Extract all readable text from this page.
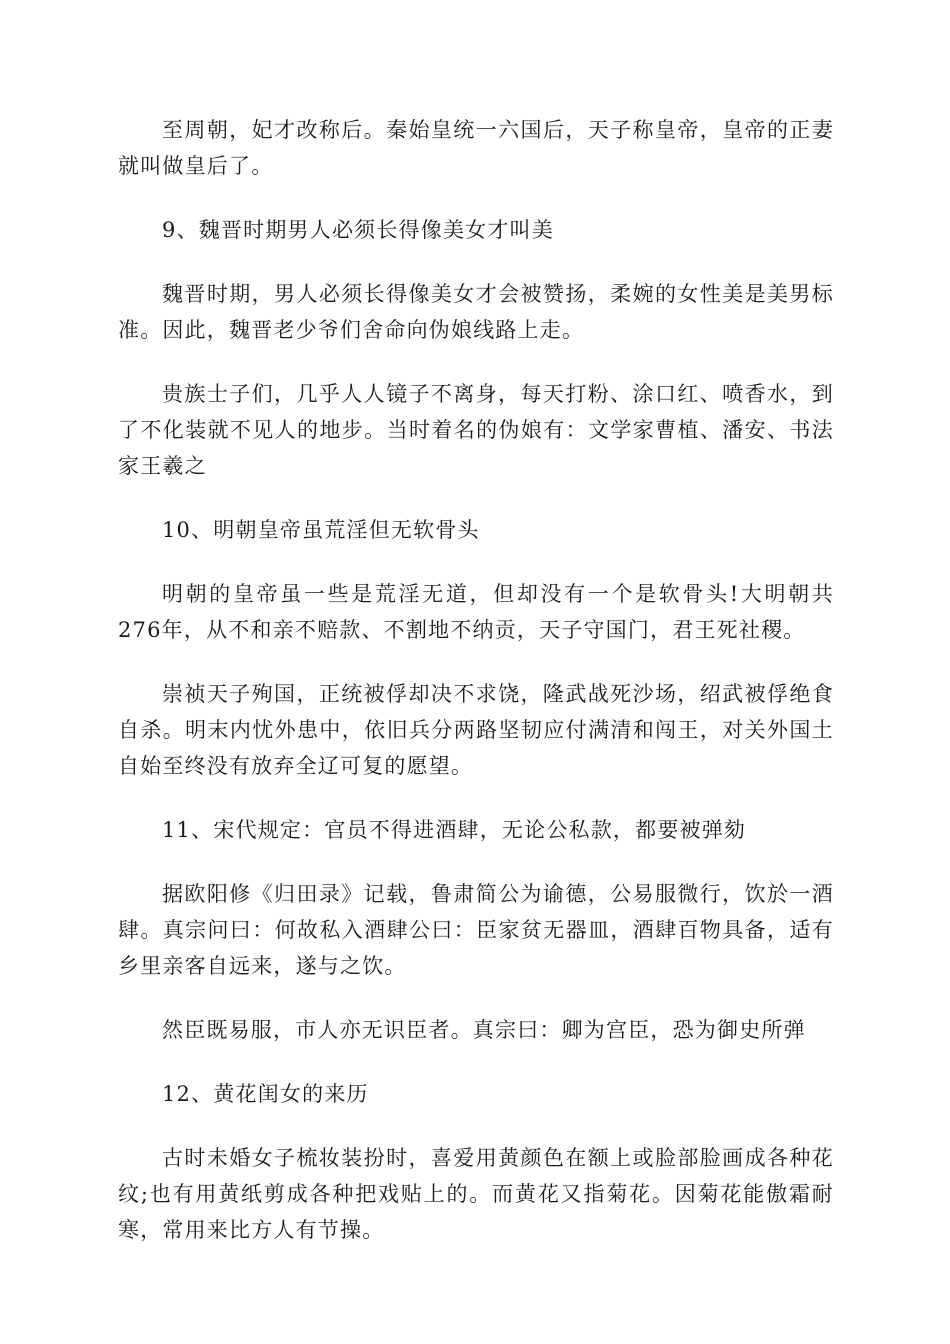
至周朝，妃才改称后。秦始皇统一六国后，天子称皇帝，皇帝的正妻就叫做皇后了。

9、魏晋时期男人必须长得像美女才叫美

魏晋时期，男人必须长得像美女才会被赞扬，柔婉的女性美是美男标准。因此，魏晋老少爷们舍命向伪娘线路上走。

贵族士子们，几乎人人镜子不离身，每天打粉、涂口红、喷香水，到了不化装就不见人的地步。当时着名的伪娘有：文学家曹植、潘安、书法家王羲之

10、明朝皇帝虽荒淫但无软骨头

明朝的皇帝虽一些是荒淫无道，但却没有一个是软骨头!大明朝共276年，从不和亲不赔款、不割地不纳贡，天子守国门，君王死社稷。

崇祯天子殉国，正统被俘却决不求饶，隆武战死沙场，绍武被俘绝食自杀。明末内忧外患中，依旧兵分两路坚韧应付满清和闯王，对关外国土自始至终没有放弃全辽可复的愿望。

11、宋代规定：官员不得进酒肆，无论公私款，都要被弹劾

据欧阳修《归田录》记载，鲁肃简公为谕德，公易服微行，饮於一酒肆。真宗问曰：何故私入酒肆公曰：臣家贫无器皿，酒肆百物具备，适有乡里亲客自远来，遂与之饮。

然臣既易服，市人亦无识臣者。真宗曰：卿为宫臣，恐为御史所弹

12、黄花闺女的来历

古时未婚女子梳妆装扮时，喜爱用黄颜色在额上或脸部脸画成各种花纹;也有用黄纸剪成各种把戏贴上的。而黄花又指菊花。因菊花能傲霜耐寒，常用来比方人有节操。
